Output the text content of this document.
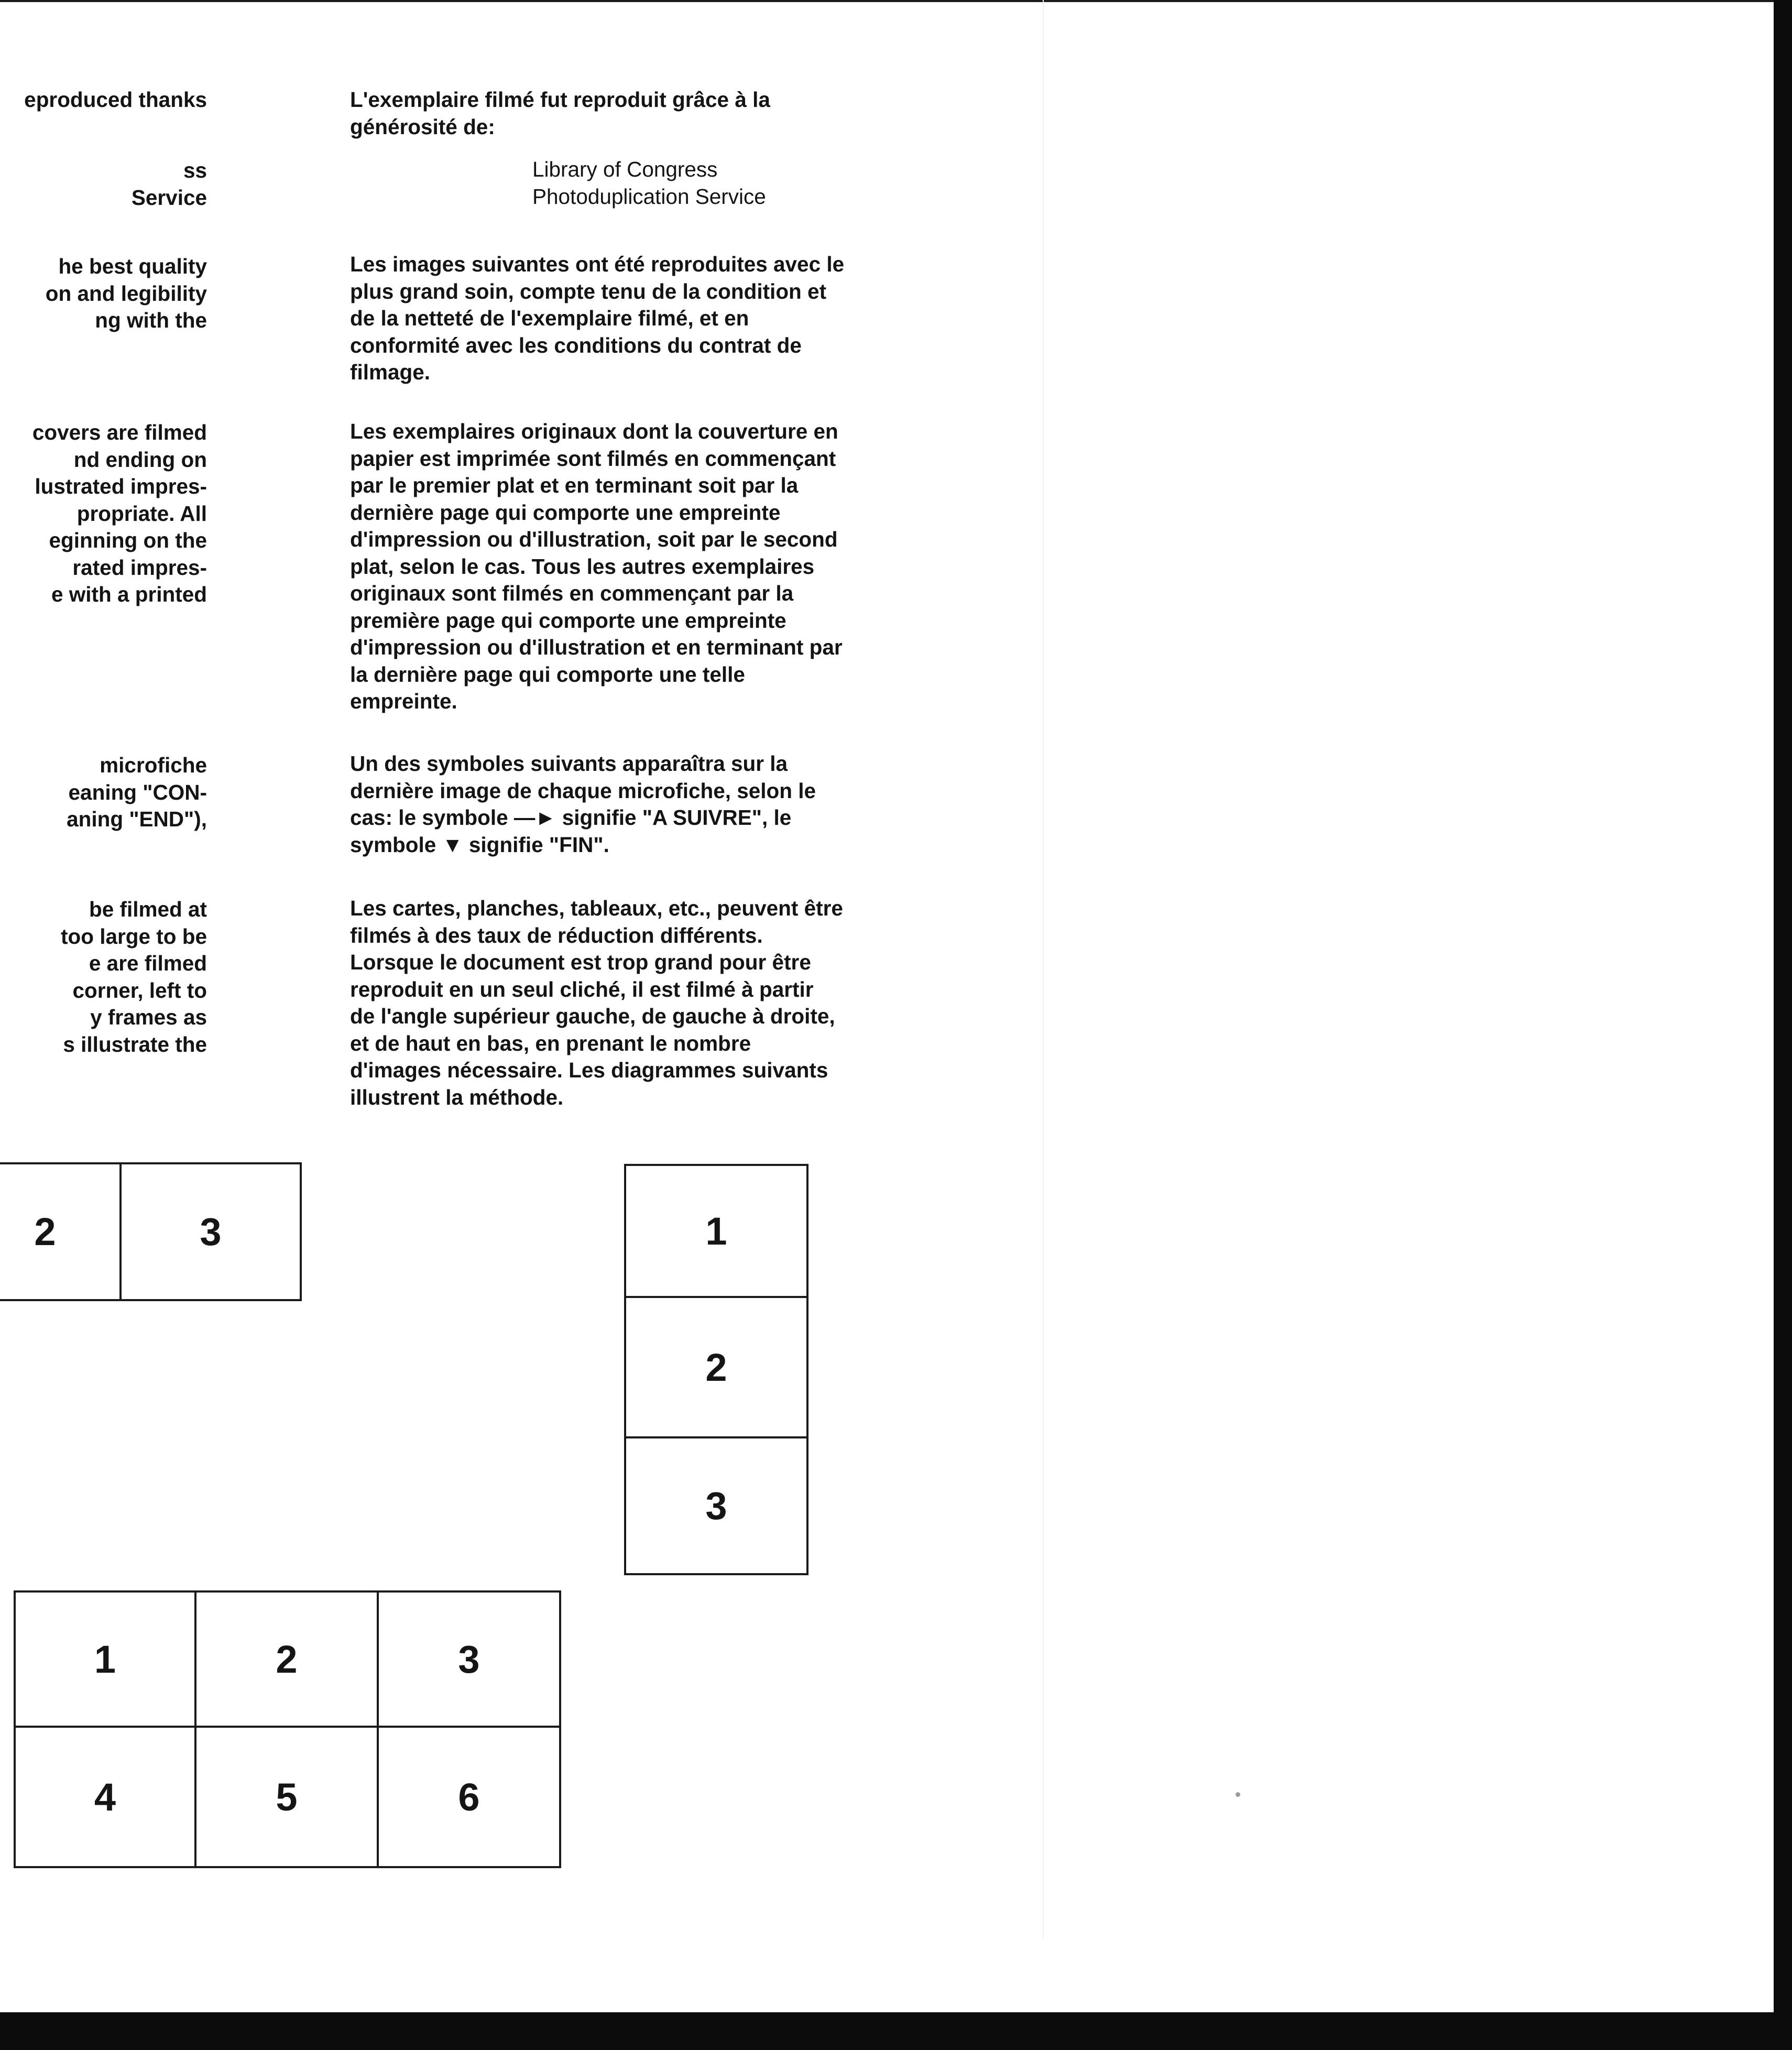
eproduced thanks

ss
Service

he best quality
on and legibility
ng with the

covers are filmed
nd ending on
lustrated impres-
propriate. All
eginning on the
rated impres-
e with a printed

microfiche
eaning "CON-
aning "END"),

be filmed at
too large to be
e are filmed
corner, left to
y frames as
s illustrate the

L'exemplaire filmé fut reproduit grâce à la
générosité de:

Library of Congress
Photoduplication Service

Les images suivantes ont été reproduites avec le
plus grand soin, compte tenu de la condition et
de la netteté de l'exemplaire filmé, et en
conformité avec les conditions du contrat de
filmage.

Les exemplaires originaux dont la couverture en
papier est imprimée sont filmés en commençant
par le premier plat et en terminant soit par la
dernière page qui comporte une empreinte
d'impression ou d'illustration, soit par le second
plat, selon le cas. Tous les autres exemplaires
originaux sont filmés en commençant par la
première page qui comporte une empreinte
d'impression ou d'illustration et en terminant par
la dernière page qui comporte une telle
empreinte.

Un des symboles suivants apparaîtra sur la
dernière image de chaque microfiche, selon le
cas: le symbole —► signifie "A SUIVRE", le
symbole ▼ signifie "FIN".

Les cartes, planches, tableaux, etc., peuvent être
filmés à des taux de réduction différents.
Lorsque le document est trop grand pour être
reproduit en un seul cliché, il est filmé à partir
de l'angle supérieur gauche, de gauche à droite,
et de haut en bas, en prenant le nombre
d'images nécessaire. Les diagrammes suivants
illustrent la méthode.

2	3	1
2
3
1	2	3
4	5	6
